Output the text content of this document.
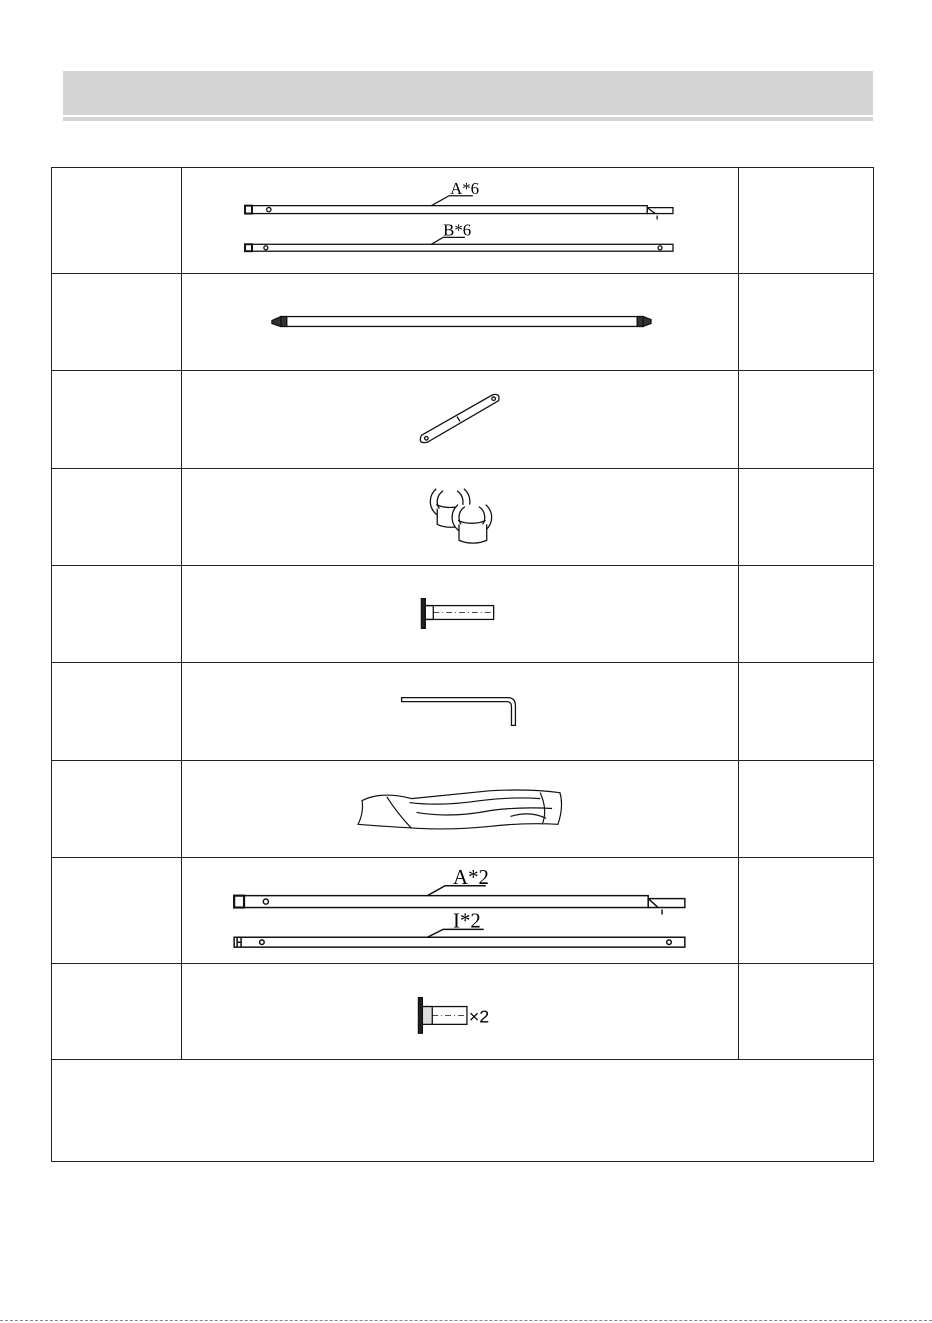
A*6
B*6
A*2
I*2
×2
